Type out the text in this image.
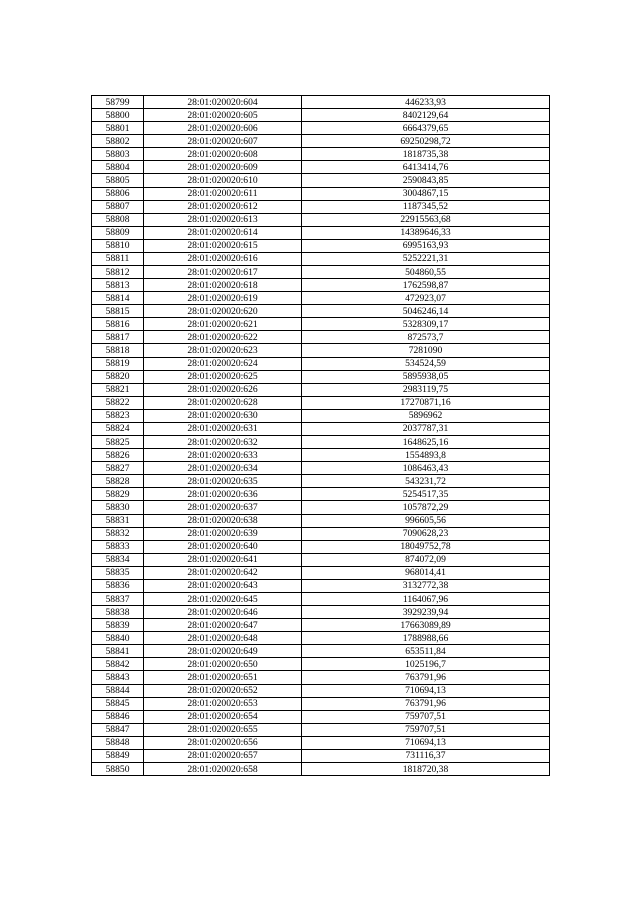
58799	28:01:020020:604	446233,93
58800	28:01:020020:605	8402129,64
58801	28:01:020020:606	6664379,65
58802	28:01:020020:607	69250298,72
58803	28:01:020020:608	1818735,38
58804	28:01:020020:609	6413414,76
58805	28:01:020020:610	2590843,85
58806	28:01:020020:611	3004867,15
58807	28:01:020020:612	1187345,52
58808	28:01:020020:613	22915563,68
58809	28:01:020020:614	14389646,33
58810	28:01:020020:615	6995163,93
58811	28:01:020020:616	5252221,31
58812	28:01:020020:617	504860,55
58813	28:01:020020:618	1762598,87
58814	28:01:020020:619	472923,07
58815	28:01:020020:620	5046246,14
58816	28:01:020020:621	5328309,17
58817	28:01:020020:622	872573,7
58818	28:01:020020:623	7281090
58819	28:01:020020:624	534524,59
58820	28:01:020020:625	5895938,05
58821	28:01:020020:626	2983119,75
58822	28:01:020020:628	17270871,16
58823	28:01:020020:630	5896962
58824	28:01:020020:631	2037787,31
58825	28:01:020020:632	1648625,16
58826	28:01:020020:633	1554893,8
58827	28:01:020020:634	1086463,43
58828	28:01:020020:635	543231,72
58829	28:01:020020:636	5254517,35
58830	28:01:020020:637	1057872,29
58831	28:01:020020:638	996605,56
58832	28:01:020020:639	7090628,23
58833	28:01:020020:640	18049752,78
58834	28:01:020020:641	874072,09
58835	28:01:020020:642	968014,41
58836	28:01:020020:643	3132772,38
58837	28:01:020020:645	1164067,96
58838	28:01:020020:646	3929239,94
58839	28:01:020020:647	17663089,89
58840	28:01:020020:648	1788988,66
58841	28:01:020020:649	653511,84
58842	28:01:020020:650	1025196,7
58843	28:01:020020:651	763791,96
58844	28:01:020020:652	710694,13
58845	28:01:020020:653	763791,96
58846	28:01:020020:654	759707,51
58847	28:01:020020:655	759707,51
58848	28:01:020020:656	710694,13
58849	28:01:020020:657	731116,37
58850	28:01:020020:658	1818720,38
